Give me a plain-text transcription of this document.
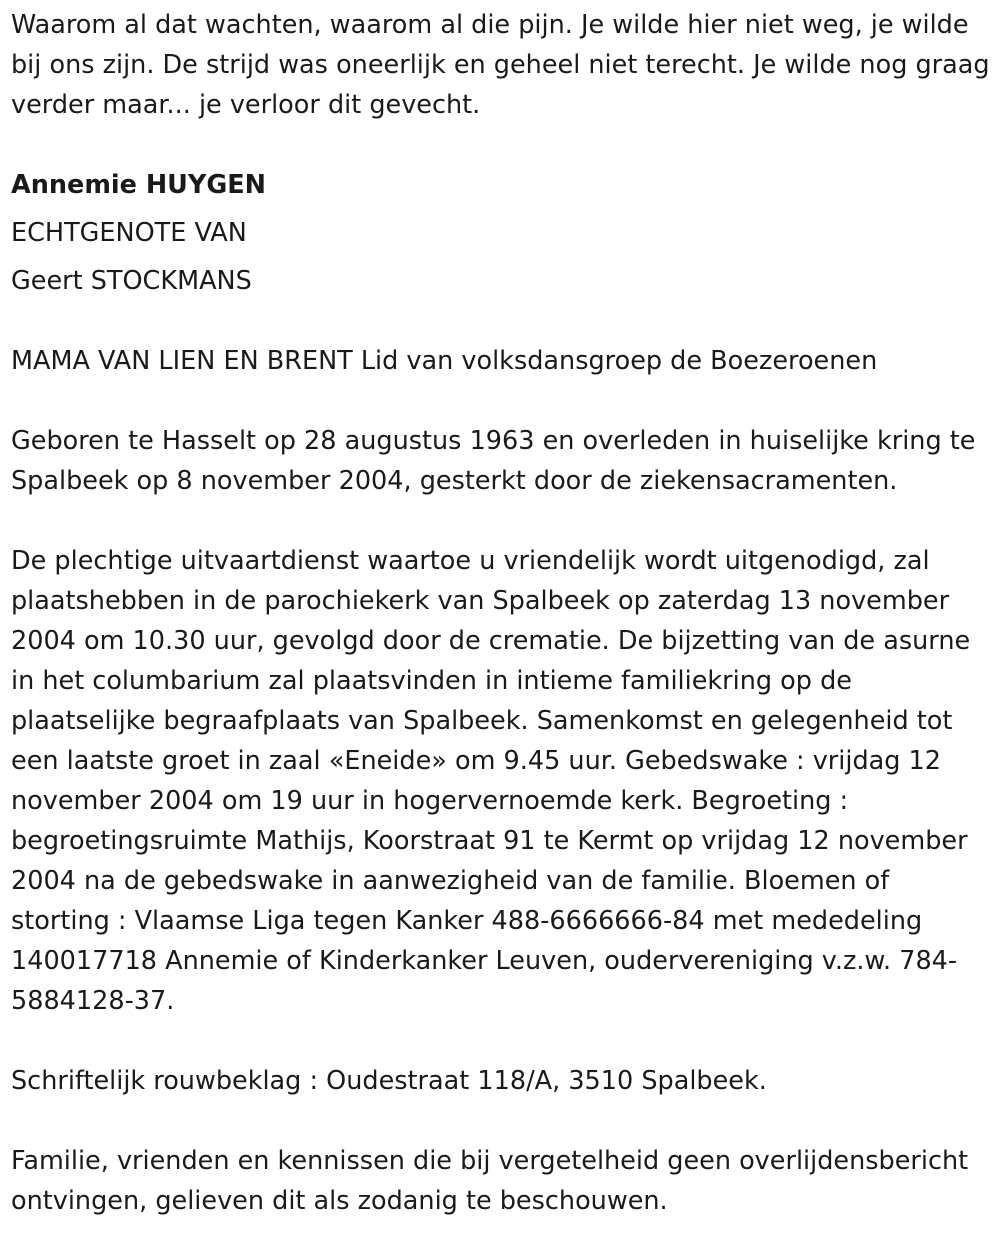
Waarom al dat wachten, waarom al die pijn. Je wilde hier niet weg, je wilde bij ons zijn. De strijd was oneerlijk en geheel niet terecht. Je wilde nog graag verder maar... je verloor dit gevecht.

Annemie HUYGEN

ECHTGENOTE VAN

Geert STOCKMANS

MAMA VAN LIEN EN BRENT Lid van volksdansgroep de Boezeroenen

Geboren te Hasselt op 28 augustus 1963 en overleden in huiselijke kring te Spalbeek op 8 november 2004, gesterkt door de ziekensacramenten.

De plechtige uitvaartdienst waartoe u vriendelijk wordt uitgenodigd, zal plaatshebben in de parochiekerk van Spalbeek op zaterdag 13 november 2004 om 10.30 uur, gevolgd door de crematie. De bijzetting van de asurne in het columbarium zal plaatsvinden in intieme familiekring op de plaatselijke begraafplaats van Spalbeek. Samenkomst en gelegenheid tot een laatste groet in zaal «Eneide» om 9.45 uur. Gebedswake : vrijdag 12 november 2004 om 19 uur in hogervernoemde kerk. Begroeting : begroetingsruimte Mathijs, Koorstraat 91 te Kermt op vrijdag 12 november 2004 na de gebedswake in aanwezigheid van de familie. Bloemen of storting : Vlaamse Liga tegen Kanker 488-6666666-84 met mededeling 140017718 Annemie of Kinderkanker Leuven, oudervereniging v.z.w. 784-5884128-37.

Schriftelijk rouwbeklag : Oudestraat 118/A, 3510 Spalbeek.

Familie, vrienden en kennissen die bij vergetelheid geen overlijdensbericht ontvingen, gelieven dit als zodanig te beschouwen.
